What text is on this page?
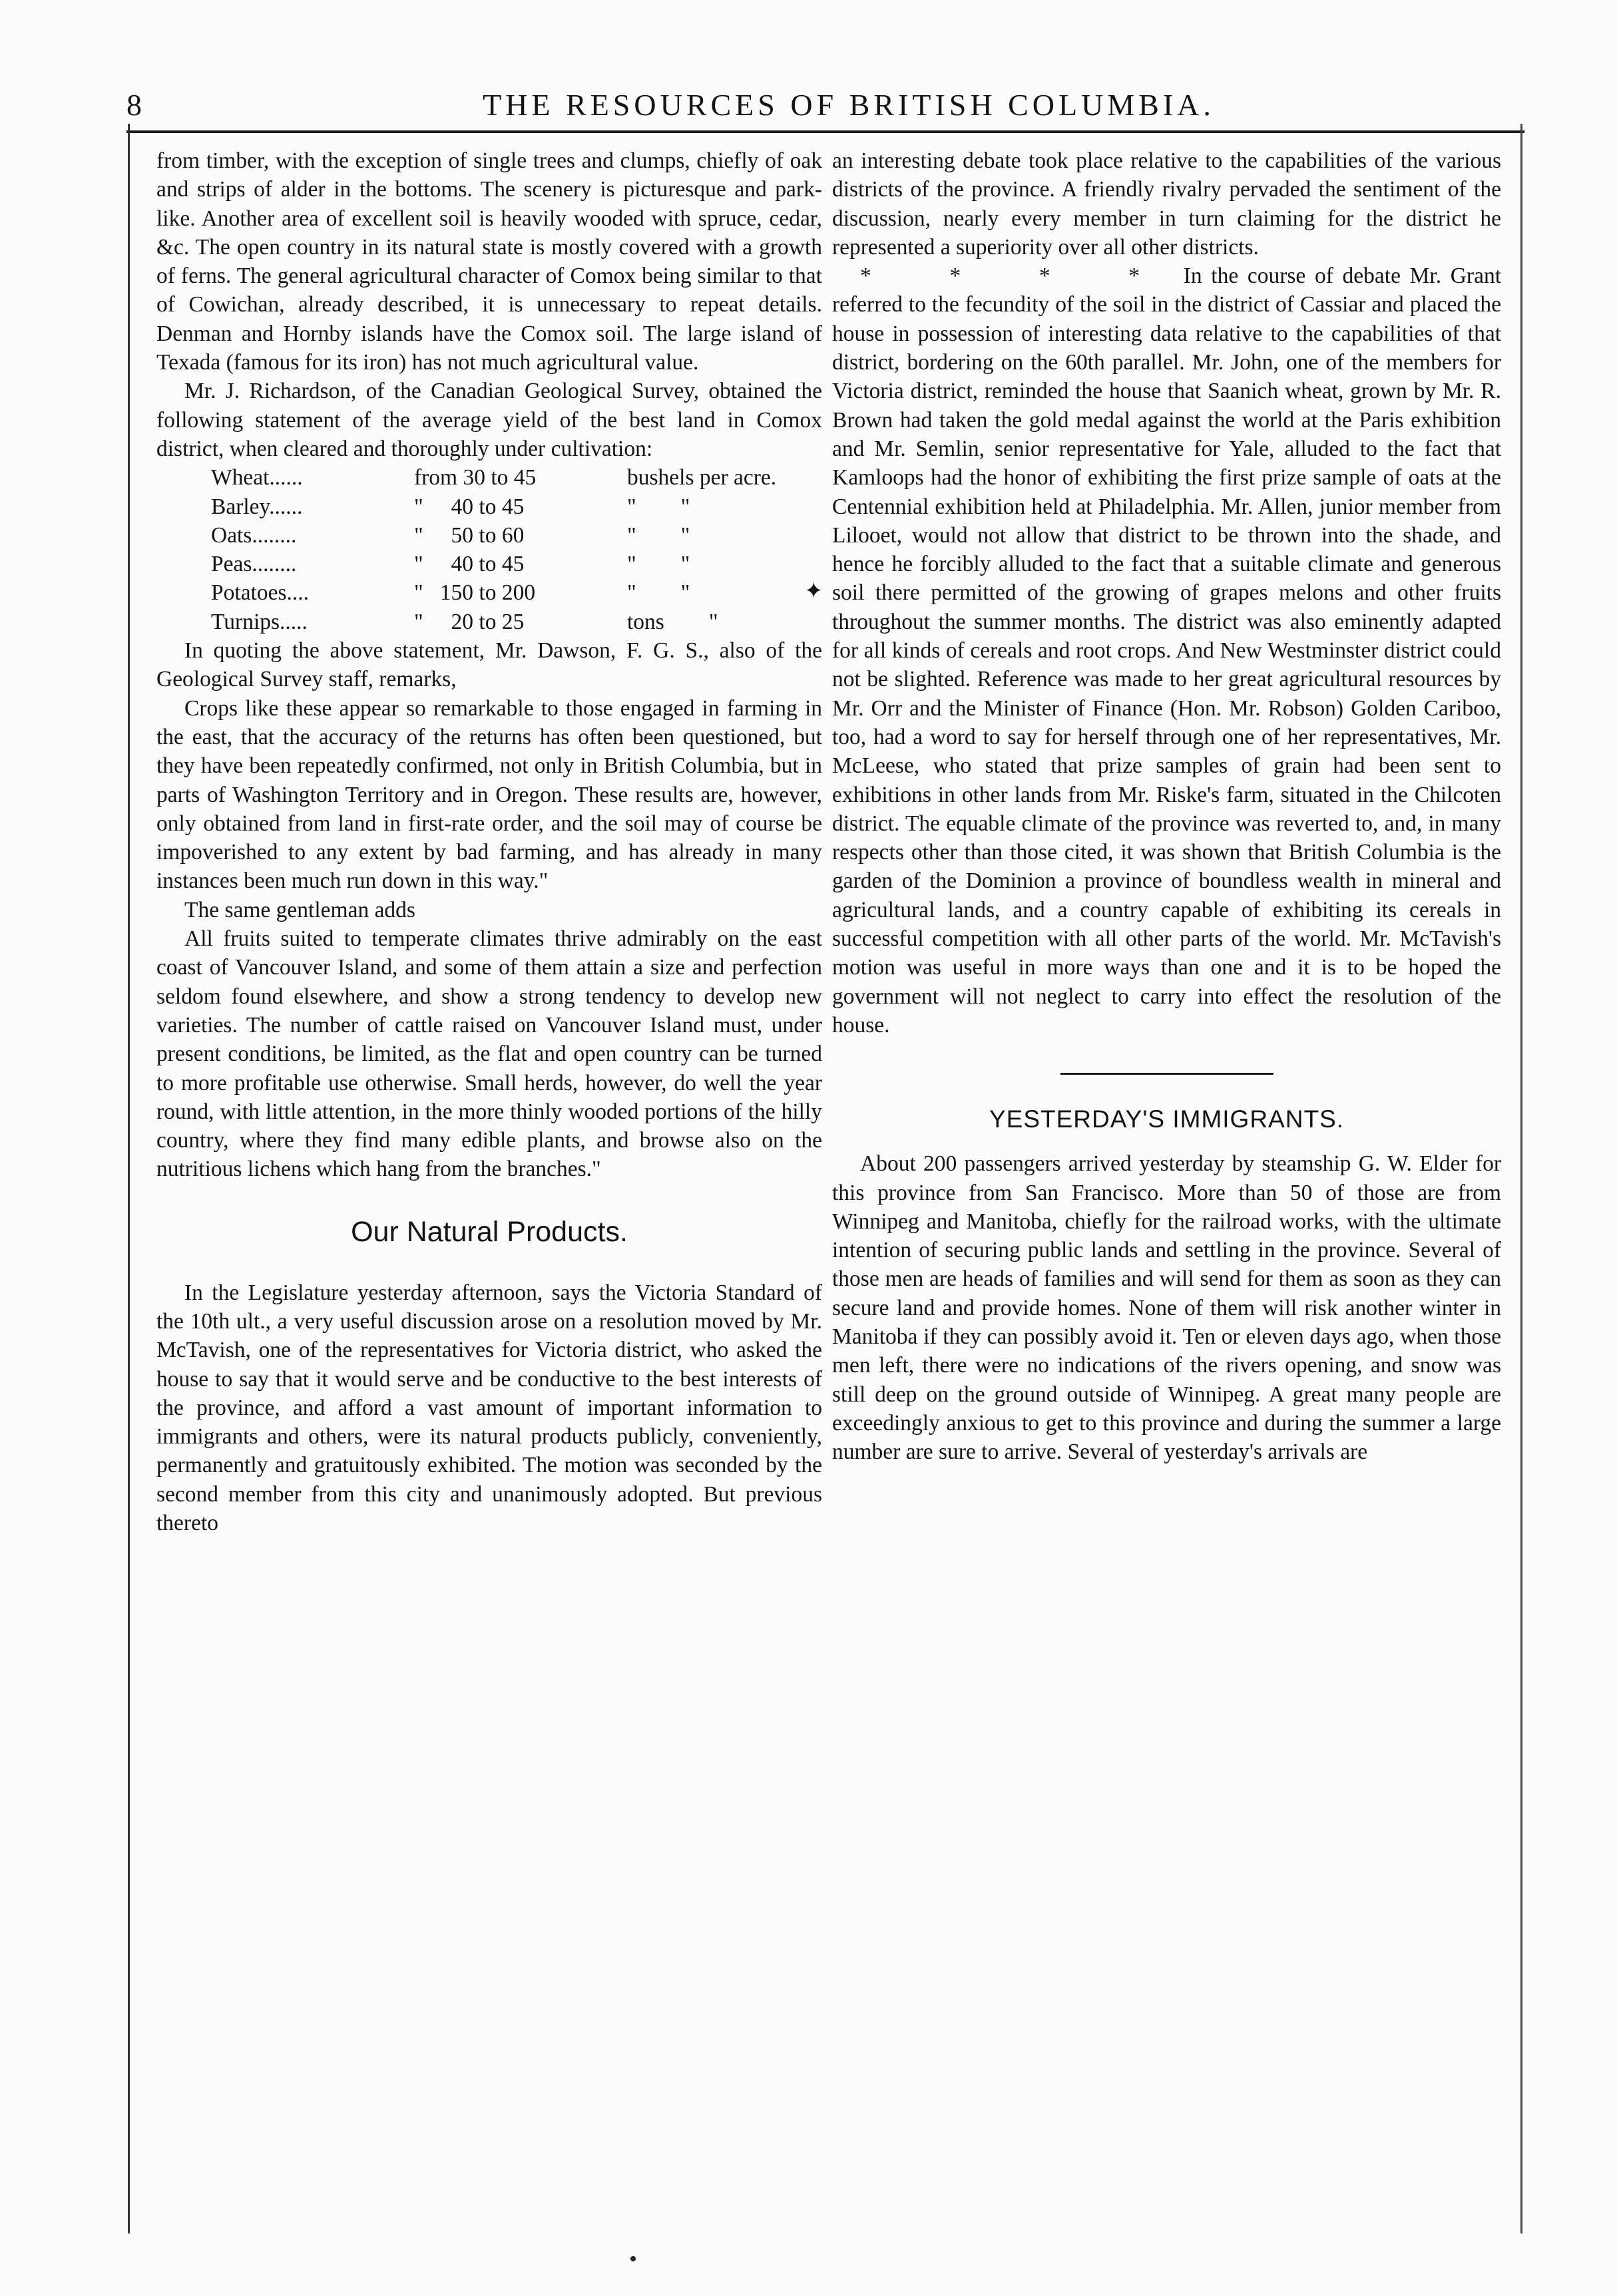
8	THE RESOURCES OF BRITISH COLUMBIA.
✦

from timber, with the exception of single trees and clumps, chiefly of oak and strips of alder in the bottoms. The scenery is picturesque and park-like. Another area of excellent soil is heavily wooded with spruce, cedar, &c. The open country in its natural state is mostly covered with a growth of ferns. The general agricultural character of Comox being similar to that of Cowichan, already described, it is unnecessary to repeat details. Denman and Hornby islands have the Comox soil. The large island of Texada (famous for its iron) has not much agricultural value.

Mr. J. Richardson, of the Canadian Geological Survey, obtained the following statement of the average yield of the best land in Comox district, when cleared and thoroughly under cultivation:

Wheat......	from 30 to 45	bushels per acre.
Barley......	"     40 to 45	"        "
Oats........	"     50 to 60	"        "
Peas........	"     40 to 45	"        "
Potatoes....	"   150 to 200	"        "
Turnips.....	"     20 to 25	tons        "

In quoting the above statement, Mr. Dawson, F. G. S., also of the Geological Survey staff, remarks,

Crops like these appear so remarkable to those engaged in farming in the east, that the accuracy of the returns has often been questioned, but they have been repeatedly confirmed, not only in British Columbia, but in parts of Washington Territory and in Oregon. These results are, however, only obtained from land in first-rate order, and the soil may of course be impoverished to any extent by bad farming, and has already in many instances been much run down in this way."

The same gentleman adds

All fruits suited to temperate climates thrive admirably on the east coast of Vancouver Island, and some of them attain a size and perfection seldom found elsewhere, and show a strong tendency to develop new varieties. The number of cattle raised on Vancouver Island must, under present conditions, be limited, as the flat and open country can be turned to more profitable use otherwise. Small herds, however, do well the year round, with little attention, in the more thinly wooded portions of the hilly country, where they find many edible plants, and browse also on the nutritious lichens which hang from the branches."

Our Natural Products.

In the Legislature yesterday afternoon, says the Victoria Standard of the 10th ult., a very useful discussion arose on a resolution moved by Mr. McTavish, one of the representatives for Victoria district, who asked the house to say that it would serve and be conductive to the best interests of the province, and afford a vast amount of important information to immigrants and others, were its natural products publicly, conveniently, permanently and gratuitously exhibited. The motion was seconded by the second member from this city and unanimously adopted. But previous thereto

an interesting debate took place relative to the capabilities of the various districts of the province. A friendly rivalry pervaded the sentiment of the discussion, nearly every member in turn claiming for the district he represented a superiority over all other districts.

* * * * In the course of debate Mr. Grant referred to the fecundity of the soil in the district of Cassiar and placed the house in possession of interesting data relative to the capabilities of that district, bordering on the 60th parallel. Mr. John, one of the members for Victoria district, reminded the house that Saanich wheat, grown by Mr. R. Brown had taken the gold medal against the world at the Paris exhibition and Mr. Semlin, senior representative for Yale, alluded to the fact that Kamloops had the honor of exhibiting the first prize sample of oats at the Centennial exhibition held at Philadelphia. Mr. Allen, junior member from Lilooet, would not allow that district to be thrown into the shade, and hence he forcibly alluded to the fact that a suitable climate and generous soil there permitted of the growing of grapes melons and other fruits throughout the summer months. The district was also eminently adapted for all kinds of cereals and root crops. And New Westminster district could not be slighted. Reference was made to her great agricultural resources by Mr. Orr and the Minister of Finance (Hon. Mr. Robson) Golden Cariboo, too, had a word to say for herself through one of her representatives, Mr. McLeese, who stated that prize samples of grain had been sent to exhibitions in other lands from Mr. Riske's farm, situated in the Chilcoten district. The equable climate of the province was reverted to, and, in many respects other than those cited, it was shown that British Columbia is the garden of the Dominion a province of boundless wealth in mineral and agricultural lands, and a country capable of exhibiting its cereals in successful competition with all other parts of the world. Mr. McTavish's motion was useful in more ways than one and it is to be hoped the government will not neglect to carry into effect the resolution of the house.

YESTERDAY'S IMMIGRANTS.

About 200 passengers arrived yesterday by steamship G. W. Elder for this province from San Francisco. More than 50 of those are from Winnipeg and Manitoba, chiefly for the railroad works, with the ultimate intention of securing public lands and settling in the province. Several of those men are heads of families and will send for them as soon as they can secure land and provide homes. None of them will risk another winter in Manitoba if they can possibly avoid it. Ten or eleven days ago, when those men left, there were no indications of the rivers opening, and snow was still deep on the ground outside of Winnipeg. A great many people are exceedingly anxious to get to this province and during the summer a large number are sure to arrive. Several of yesterday's arrivals are
